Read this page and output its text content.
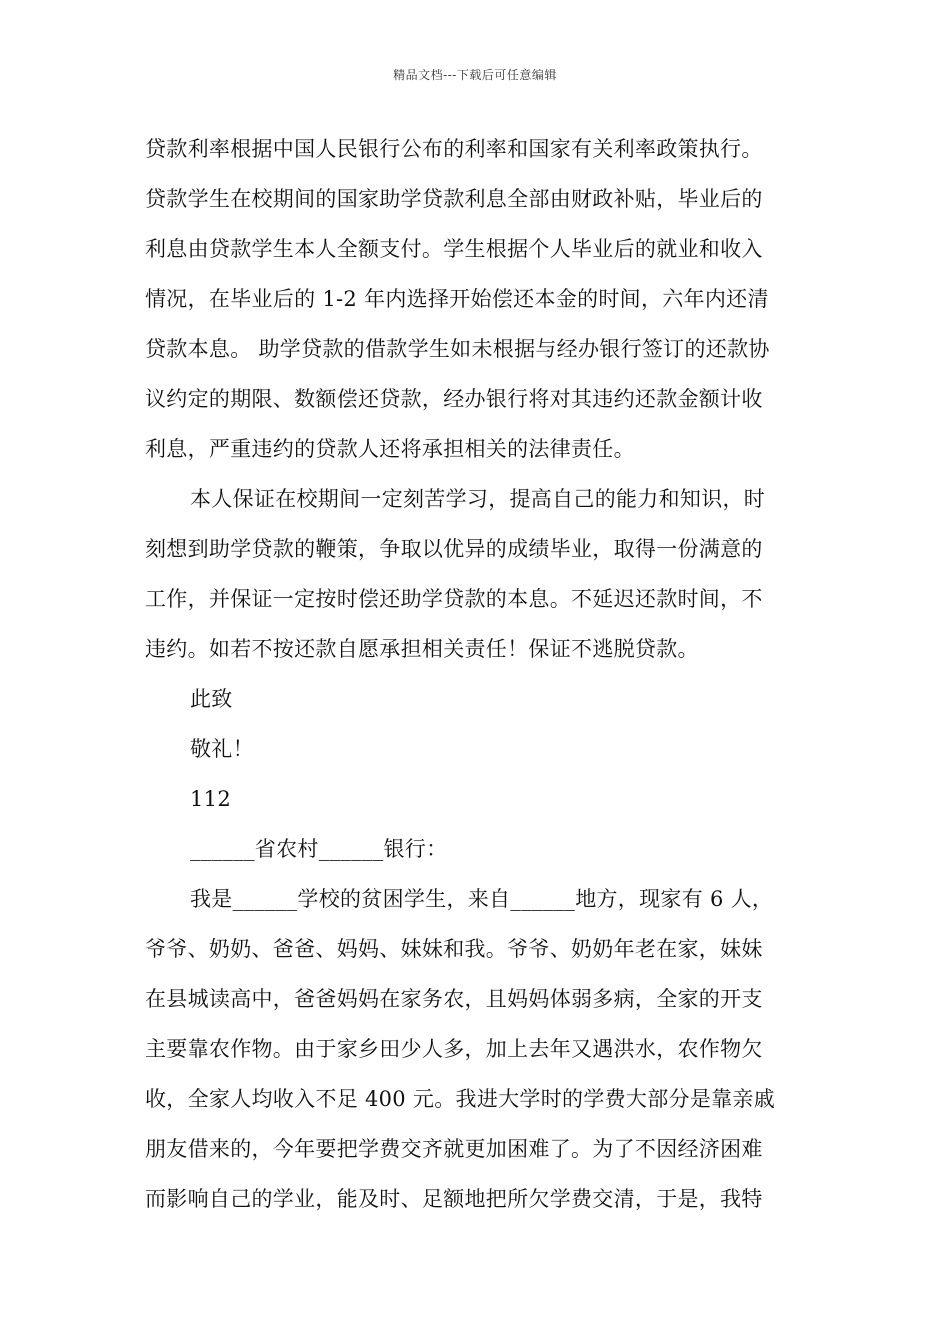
精品文档---下载后可任意编辑
贷款利率根据中国人民银行公布的利率和国家有关利率政策执行。
贷款学生在校期间的国家助学贷款利息全部由财政补贴，毕业后的
利息由贷款学生本人全额支付。学生根据个人毕业后的就业和收入
情况，在毕业后的 1-2 年内选择开始偿还本金的时间，六年内还清
贷款本息。 助学贷款的借款学生如未根据与经办银行签订的还款协
议约定的期限、数额偿还贷款，经办银行将对其违约还款金额计收
利息，严重违约的贷款人还将承担相关的法律责任。
本人保证在校期间一定刻苦学习，提高自己的能力和知识，时
刻想到助学贷款的鞭策，争取以优异的成绩毕业，取得一份满意的
工作，并保证一定按时偿还助学贷款的本息。不延迟还款时间，不
违约。如若不按还款自愿承担相关责任！保证不逃脱贷款。
此致
敬礼！
112
______省农村______银行：
我是______学校的贫困学生，来自______地方，现家有 6 人，
爷爷、奶奶、爸爸、妈妈、妹妹和我。爷爷、奶奶年老在家，妹妹
在县城读高中，爸爸妈妈在家务农，且妈妈体弱多病，全家的开支
主要靠农作物。由于家乡田少人多，加上去年又遇洪水，农作物欠
收，全家人均收入不足 400 元。我进大学时的学费大部分是靠亲戚
朋友借来的，今年要把学费交齐就更加困难了。为了不因经济困难
而影响自己的学业，能及时、足额地把所欠学费交清，于是，我特
